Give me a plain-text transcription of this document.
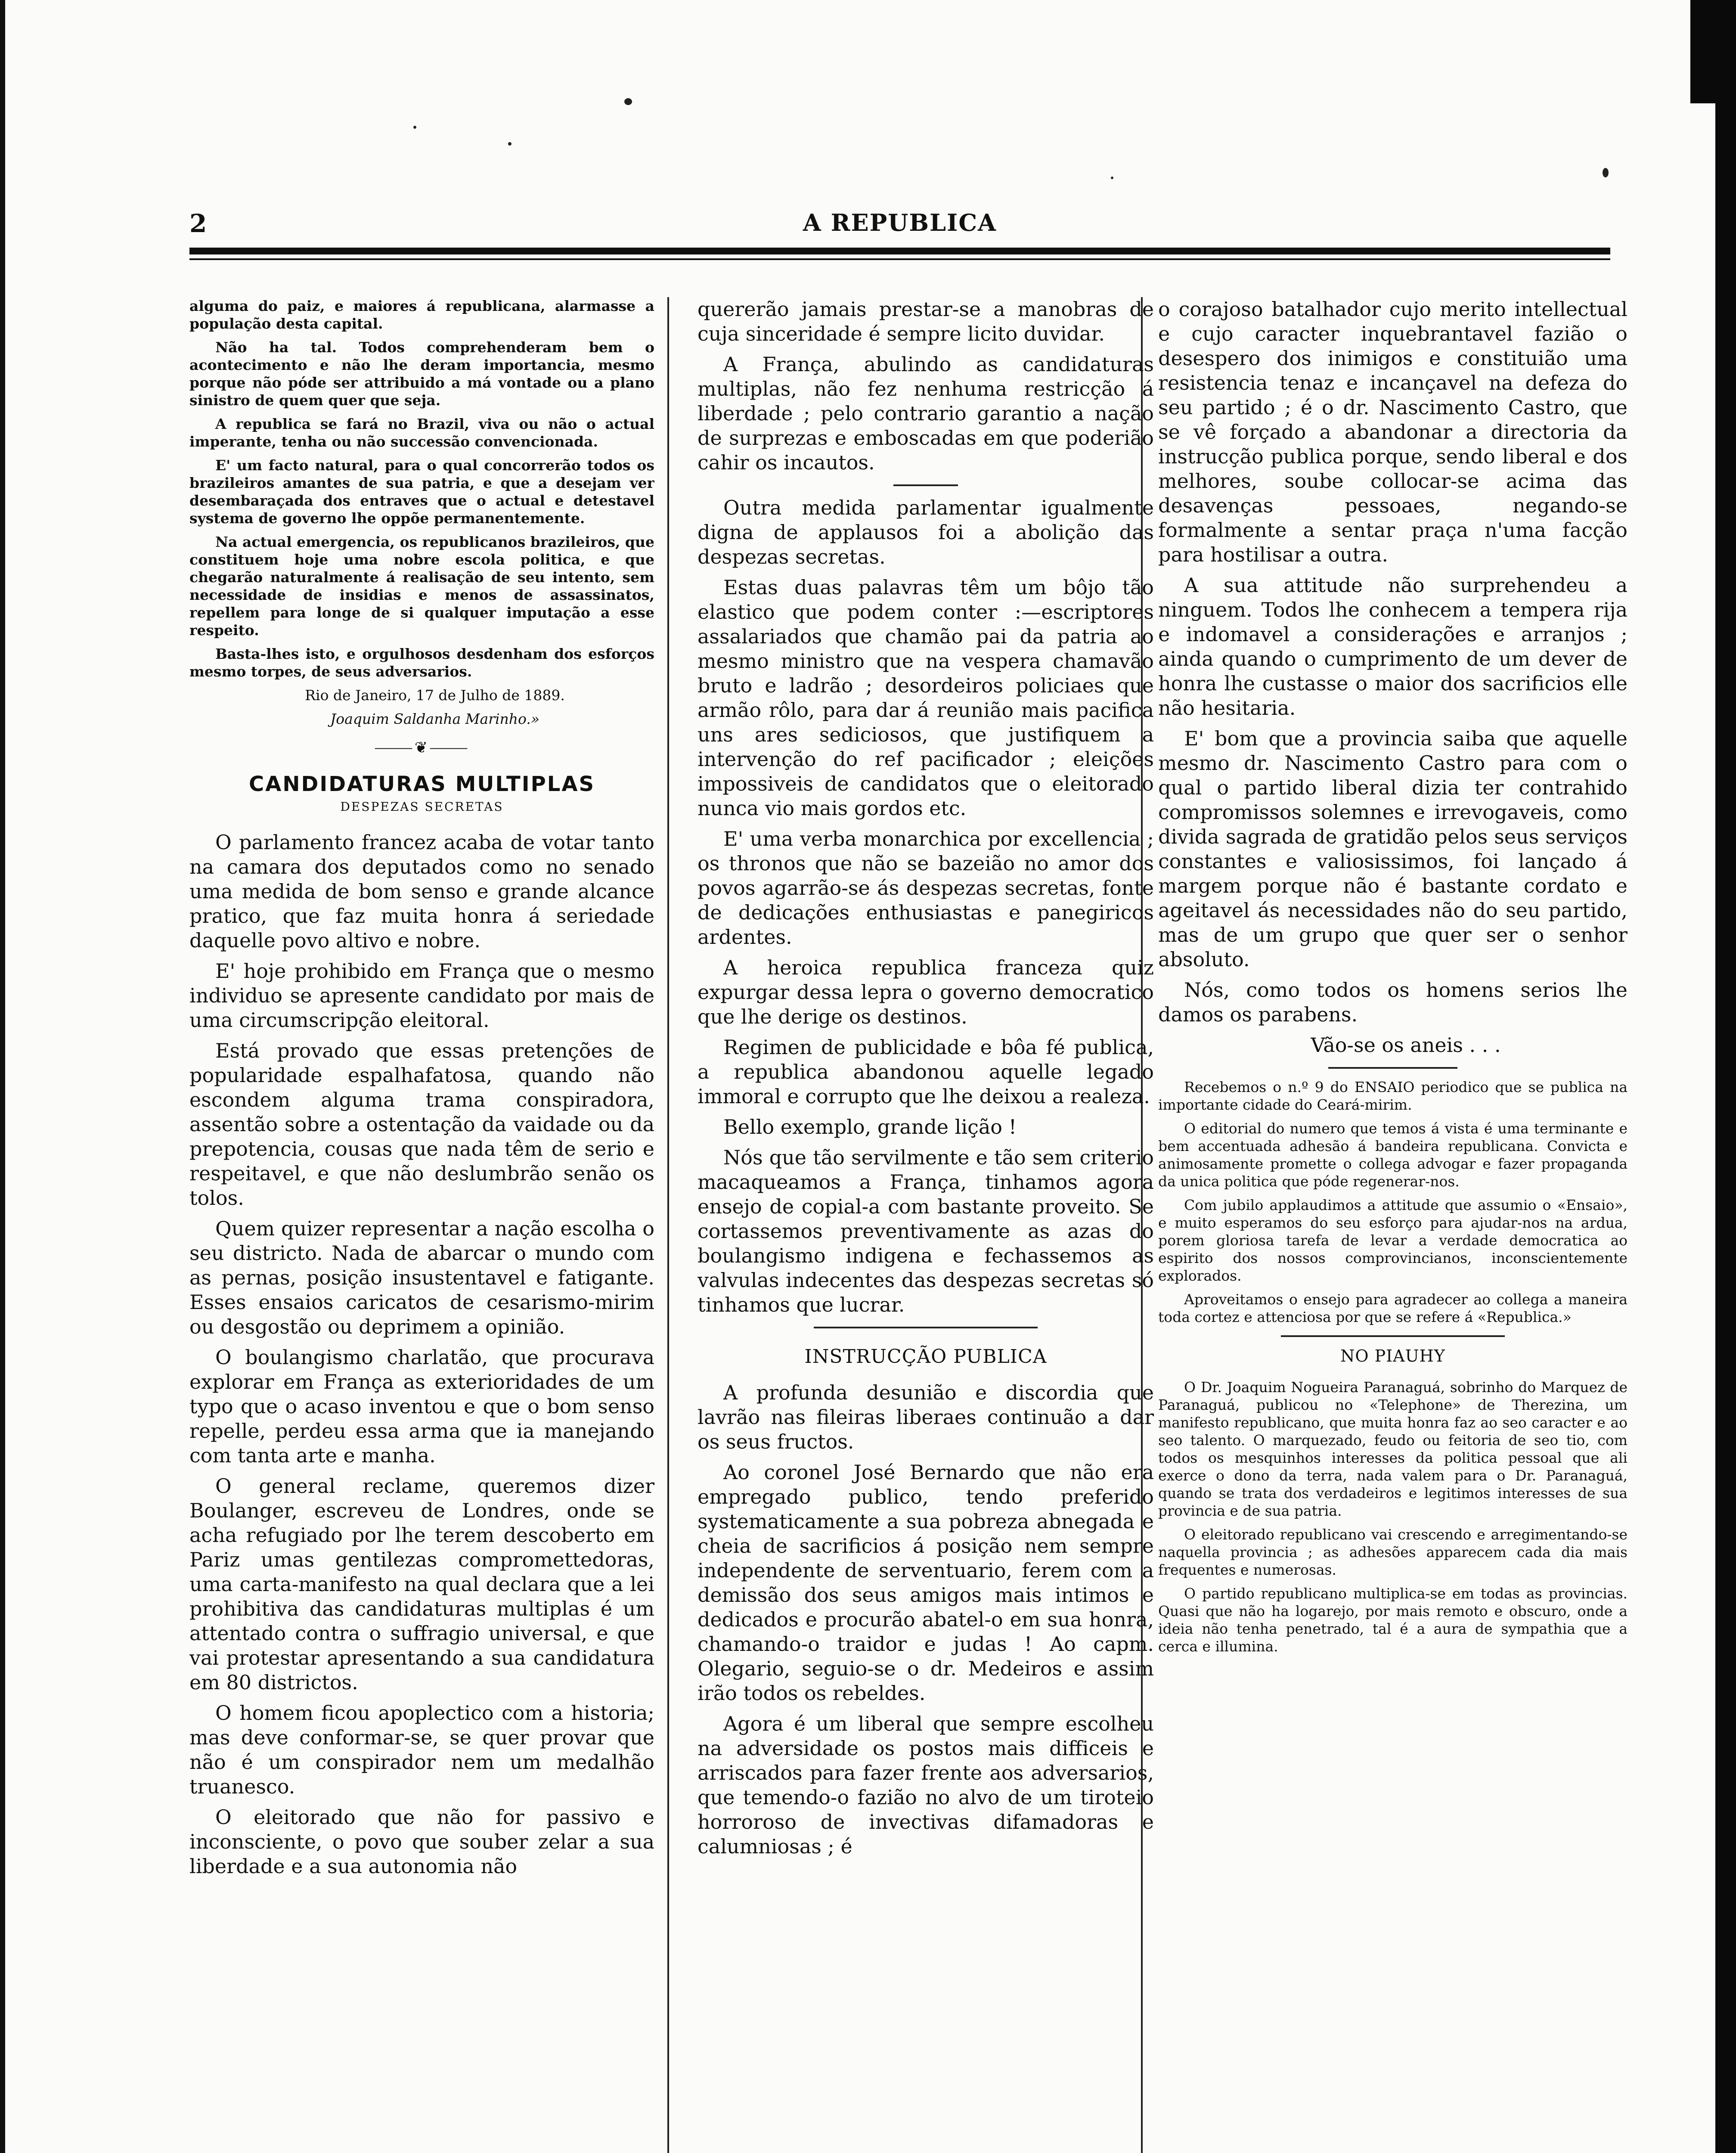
2	A REPUBLICA

alguma do paiz, e maiores á republicana, alarmasse a população desta capital.

Não ha tal. Todos comprehenderam bem o acontecimento e não lhe deram importancia, mesmo porque não póde ser attribuido a má vontade ou a plano sinistro de quem quer que seja.

A republica se fará no Brazil, viva ou não o actual imperante, tenha ou não successão convencionada.

E' um facto natural, para o qual concorrerão todos os brazileiros amantes de sua patria, e que a desejam ver desembaraçada dos entraves que o actual e detestavel systema de governo lhe oppõe permanentemente.

Na actual emergencia, os republicanos brazileiros, que constituem hoje uma nobre escola politica, e que chegarão naturalmente á realisação de seu intento, sem necessidade de insidias e menos de assassinatos, repellem para longe de si qualquer imputação a esse respeito.

Basta-lhes isto, e orgulhosos desdenham dos esforços mesmo torpes, de seus adversarios.

Rio de Janeiro, 17 de Julho de 1889.

Joaquim Saldanha Marinho.»

⸻❦⸻
CANDIDATURAS MULTIPLAS
DESPEZAS SECRETAS

O parlamento francez acaba de votar tanto na camara dos deputados como no senado uma medida de bom senso e grande alcance pratico, que faz muita honra á seriedade daquelle povo altivo e nobre.

E' hoje prohibido em França que o mesmo individuo se apresente candidato por mais de uma circumscripção eleitoral.

Está provado que essas pretenções de popularidade espalhafatosa, quando não escondem alguma trama conspiradora, assentão sobre a ostentação da vaidade ou da prepotencia, cousas que nada têm de serio e respeitavel, e que não deslumbrão senão os tolos.

Quem quizer representar a nação escolha o seu districto. Nada de abarcar o mundo com as pernas, posição insustentavel e fatigante. Esses ensaios caricatos de cesarismo-mirim ou desgostão ou deprimem a opinião.

O boulangismo charlatão, que procurava explorar em França as exterioridades de um typo que o acaso inventou e que o bom senso repelle, perdeu essa arma que ia manejando com tanta arte e manha.

O general reclame, queremos dizer Boulanger, escreveu de Londres, onde se acha refugiado por lhe terem descoberto em Pariz umas gentilezas compromettedoras, uma carta-manifesto na qual declara que a lei prohibitiva das candidaturas multiplas é um attentado contra o suffragio universal, e que vai protestar apresentando a sua candidatura em 80 districtos.

O homem ficou apoplectico com a historia; mas deve conformar-se, se quer provar que não é um conspirador nem um medalhão truanesco.

O eleitorado que não for passivo e inconsciente, o povo que souber zelar a sua liberdade e a sua autonomia não

quererão jamais prestar-se a manobras de cuja sinceridade é sempre licito duvidar.

A França, abulindo as candidaturas multiplas, não fez nenhuma restricção á liberdade ; pelo contrario garantio a nação de surprezas e emboscadas em que poderião cahir os incautos.

Outra medida parlamentar igualmente digna de applausos foi a abolição das despezas secretas.

Estas duas palavras têm um bôjo tão elastico que podem conter :—escriptores assalariados que chamão pai da patria ao mesmo ministro que na vespera chamavão bruto e ladrão ; desordeiros policiaes que armão rôlo, para dar á reunião mais pacifica uns ares sediciosos, que justifiquem a intervenção do ref pacificador ; eleições impossiveis de candidatos que o eleitorado nunca vio mais gordos etc.

E' uma verba monarchica por excellencia ; os thronos que não se bazeião no amor dos povos agarrão-se ás despezas secretas, fonte de dedicações enthusiastas e panegiricos ardentes.

A heroica republica franceza quiz expurgar dessa lepra o governo democratico que lhe derige os destinos.

Regimen de publicidade e bôa fé publica, a republica abandonou aquelle legado immoral e corrupto que lhe deixou a realeza.

Bello exemplo, grande lição !

Nós que tão servilmente e tão sem criterio macaqueamos a França, tinhamos agora ensejo de copial-a com bastante proveito. Se cortassemos preventivamente as azas do boulangismo indigena e fechassemos as valvulas indecentes das despezas secretas só tinhamos que lucrar.

INSTRUCÇÃO PUBLICA

A profunda desunião e discordia que lavrão nas fileiras liberaes continuão a dar os seus fructos.

Ao coronel José Bernardo que não era empregado publico, tendo preferido systematicamente a sua pobreza abnegada e cheia de sacrificios á posição nem sempre independente de serventuario, ferem com a demissão dos seus amigos mais intimos e dedicados e procurão abatel-o em sua honra, chamando-o traidor e judas ! Ao capm. Olegario, seguio-se o dr. Medeiros e assim irão todos os rebeldes.

Agora é um liberal que sempre escolheu na adversidade os postos mais difficeis e arriscados para fazer frente aos adversarios, que temendo-o fazião no alvo de um tiroteio horroroso de invectivas difamadoras e calumniosas ; é

o corajoso batalhador cujo merito intellectual e cujo caracter inquebrantavel fazião o desespero dos inimigos e constituião uma resistencia tenaz e incançavel na defeza do seu partido ; é o dr. Nascimento Castro, que se vê forçado a abandonar a directoria da instrucção publica porque, sendo liberal e dos melhores, soube collocar-se acima das desavenças pessoaes, negando-se formalmente a sentar praça n'uma facção para hostilisar a outra.

A sua attitude não surprehendeu a ninguem. Todos lhe conhecem a tempera rija e indomavel a considerações e arranjos ; ainda quando o cumprimento de um dever de honra lhe custasse o maior dos sacrificios elle não hesitaria.

E' bom que a provincia saiba que aquelle mesmo dr. Nascimento Castro para com o qual o partido liberal dizia ter contrahido compromissos solemnes e irrevogaveis, como divida sagrada de gratidão pelos seus serviços constantes e valiosissimos, foi lançado á margem porque não é bastante cordato e ageitavel ás necessidades não do seu partido, mas de um grupo que quer ser o senhor absoluto.

Nós, como todos os homens serios lhe damos os parabens.

Vão-se os aneis . . .

Recebemos o n.º 9 do ENSAIO periodico que se publica na importante cidade do Ceará-mirim.

O editorial do numero que temos á vista é uma terminante e bem accentuada adhesão á bandeira republicana. Convicta e animosamente promette o collega advogar e fazer propaganda da unica politica que póde regenerar-nos.

Com jubilo applaudimos a attitude que assumio o «Ensaio», e muito esperamos do seu esforço para ajudar-nos na ardua, porem gloriosa tarefa de levar a verdade democratica ao espirito dos nossos comprovincianos, inconscientemente explorados.

Aproveitamos o ensejo para agradecer ao collega a maneira toda cortez e attenciosa por que se refere á «Republica.»

NO PIAUHY

O Dr. Joaquim Nogueira Paranaguá, sobrinho do Marquez de Paranaguá, publicou no «Telephone» de Therezina, um manifesto republicano, que muita honra faz ao seo caracter e ao seo talento. O marquezado, feudo ou feitoria de seo tio, com todos os mesquinhos interesses da politica pessoal que ali exerce o dono da terra, nada valem para o Dr. Paranaguá, quando se trata dos verdadeiros e legitimos interesses de sua provincia e de sua patria.

O eleitorado republicano vai crescendo e arregimentando-se naquella provincia ; as adhesões apparecem cada dia mais frequentes e numerosas.

O partido republicano multiplica-se em todas as provincias. Quasi que não ha logarejo, por mais remoto e obscuro, onde a ideia não tenha penetrado, tal é a aura de sympathia que a cerca e illumina.
